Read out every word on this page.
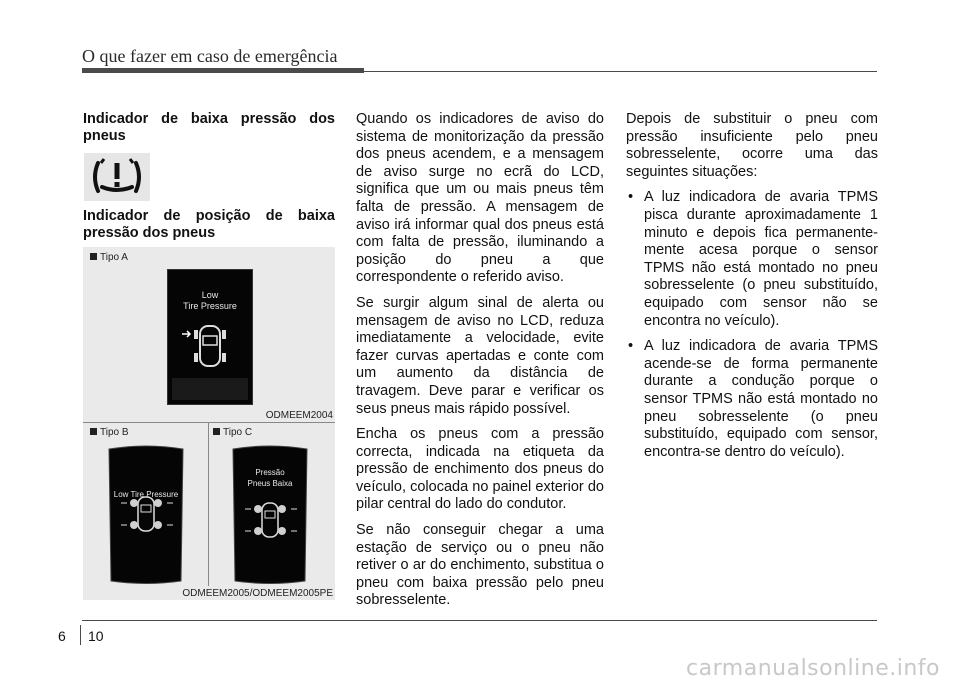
O que fazer em caso de emergência
Indicador de baixa pressão dos pneus
Indicador de posição de baixa pressão dos pneus
Tipo A
Low
Tire Pressure
ODMEEM2004
Tipo B	Tipo C
Low Tire Pressure
Pressão
Pneus Baixa
ODMEEM2005/ODMEEM2005PE

Quando os indicadores de aviso do sistema de monitorização da pressão dos pneus acendem, e a mensagem de aviso surge no ecrã do LCD, significa que um ou mais pneus têm falta de pressão. A mensagem de aviso irá informar qual dos pneus está com falta de pressão, iluminando a posição do pneu a que correspondente o referido aviso.

Se surgir algum sinal de alerta ou mensagem de aviso no LCD, reduza imediatamente a velocidade, evite fazer curvas apertadas e conte com um aumento da distância de travagem. Deve parar e verificar os seus pneus mais rápido possível.

Encha os pneus com a pressão correcta, indicada na etiqueta da pressão de enchimento dos pneus do veículo, colocada no painel exterior do pilar central do lado do condutor.

Se não conseguir chegar a uma estação de serviço ou o pneu não retiver o ar do enchimento, substitua o pneu com baixa pressão pelo pneu sobresselente.

Depois de substituir o pneu com pressão insuficiente pelo pneu sobresselente, ocorre uma das seguintes situações:

• A luz indicadora de avaria TPMS pisca durante aproximadamente 1 minuto e depois fica permanente-mente acesa porque o sensor TPMS não está montado no pneu sobresselente (o pneu substituído, equipado com sensor não se encontra no veículo).
• A luz indicadora de avaria TPMS acende-se de forma permanente durante a condução porque o sensor TPMS não está montado no pneu sobresselente (o pneu substituído, equipado com sensor, encontra-se dentro do veículo).
6 10
carmanualsonline.info
